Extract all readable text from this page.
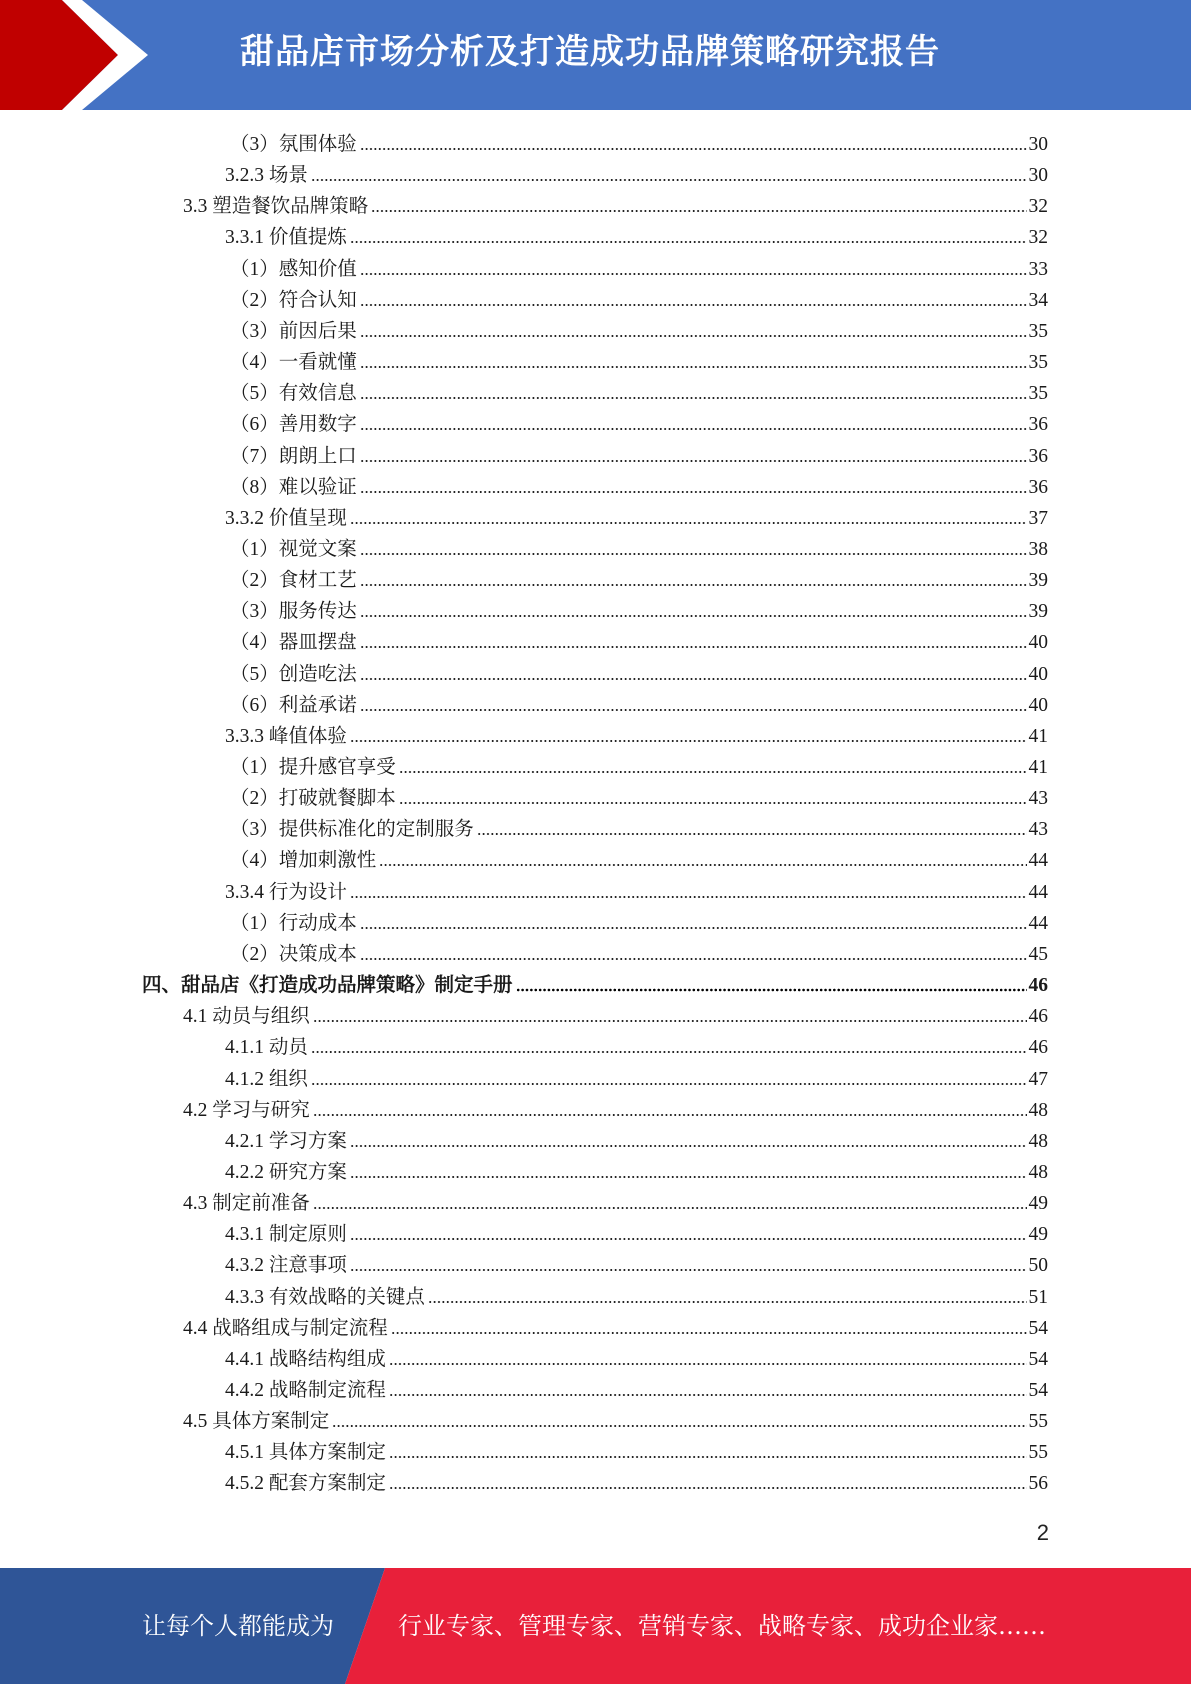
甜品店市场分析及打造成功品牌策略研究报告
（3）氛围体验	30
3.2.3 场景	30
3.3 塑造餐饮品牌策略	32
3.3.1 价值提炼	32
（1）感知价值	33
（2）符合认知	34
（3）前因后果	35
（4）一看就懂	35
（5）有效信息	35
（6）善用数字	36
（7）朗朗上口	36
（8）难以验证	36
3.3.2 价值呈现	37
（1）视觉文案	38
（2）食材工艺	39
（3）服务传达	39
（4）器皿摆盘	40
（5）创造吃法	40
（6）利益承诺	40
3.3.3 峰值体验	41
（1）提升感官享受	41
（2）打破就餐脚本	43
（3）提供标准化的定制服务	43
（4）增加刺激性	44
3.3.4 行为设计	44
（1）行动成本	44
（2）决策成本	45
四、甜品店《打造成功品牌策略》制定手册	46
4.1 动员与组织	46
4.1.1 动员	46
4.1.2 组织	47
4.2 学习与研究	48
4.2.1 学习方案	48
4.2.2 研究方案	48
4.3 制定前准备	49
4.3.1 制定原则	49
4.3.2 注意事项	50
4.3.3 有效战略的关键点	51
4.4 战略组成与制定流程	54
4.4.1 战略结构组成	54
4.4.2 战略制定流程	54
4.5 具体方案制定	55
4.5.1 具体方案制定	55
4.5.2 配套方案制定	56
2
让每个人都能成为	行业专家、管理专家、营销专家、战略专家、成功企业家……
